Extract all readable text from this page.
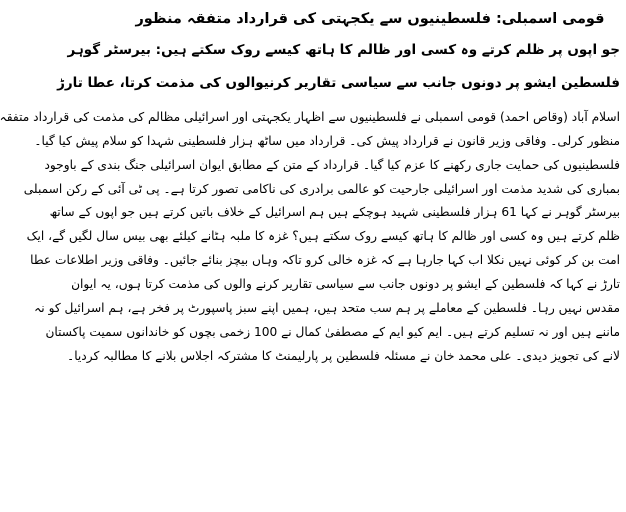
قومی اسمبلی: فلسطینیوں سے یکجہتی کی قرارداد متفقہ منظور
جو اپوں پر ظلم کرتے وہ کسی اور ظالم کا ہاتھ کیسے روک سکتے ہیں: بیرسٹر گوہر
فلسطین ایشو پر دونوں جانب سے سیاسی تقاریر کرنیوالوں کی مذمت کرتا، عطا تارڑ
اسلام آباد (وقاص احمد) قومی اسمبلی نے فلسطینیوں سے اظہار یکجہتی اور اسرائیلی مظالم کی مذمت کی قرارداد متفقہ
منظور کرلی۔ وفاقی وزیر قانون نے قرارداد پیش کی۔ قرارداد میں ساٹھ ہزار فلسطینی شہدا کو سلام پیش کیا گیا۔
فلسطینیوں کی حمایت جاری رکھنے کا عزم کیا گیا۔ قرارداد کے متن کے مطابق ایوان اسرائیلی جنگ بندی کے باوجود
بمباری کی شدید مذمت اور اسرائیلی جارحیت کو عالمی برادری کی ناکامی تصور کرتا ہے۔ پی ٹی آئی کے رکن اسمبلی
بیرسٹر گوہر نے کہا 61 ہزار فلسطینی شہید ہوچکے ہیں ہم اسرائیل کے خلاف باتیں کرتے ہیں جو اپوں کے ساتھ
ظلم کرتے ہیں وہ کسی اور ظالم کا ہاتھ کیسے روک سکتے ہیں؟ غزہ کا ملبہ ہٹانے کیلئے بھی بیس سال لگیں گے، ایک
امت بن کر کوئی نہیں نکلا اب کہا جارہا ہے کہ غزہ خالی کرو تاکہ وہاں بیچز بنائے جائیں۔ وفاقی وزیر اطلاعات عطا
تارڑ نے کہا کہ فلسطین کے ایشو پر دونوں جانب سے سیاسی تقاریر کرنے والوں کی مذمت کرتا ہوں، یہ ایوان
مقدس نہیں رہا۔ فلسطین کے معاملے پر ہم سب متحد ہیں، ہمیں اپنے سبز پاسپورٹ پر فخر ہے، ہم اسرائیل کو نہ
ماننے ہیں اور نہ تسلیم کرتے ہیں۔ ایم کیو ایم کے مصطفیٰ کمال نے 100 زخمی بچوں کو خاندانوں سمیت پاکستان
لانے کی تجویز دیدی۔ علی محمد خان نے مسئلہ فلسطین پر پارلیمنٹ کا مشترکہ اجلاس بلانے کا مطالبہ کردیا۔
